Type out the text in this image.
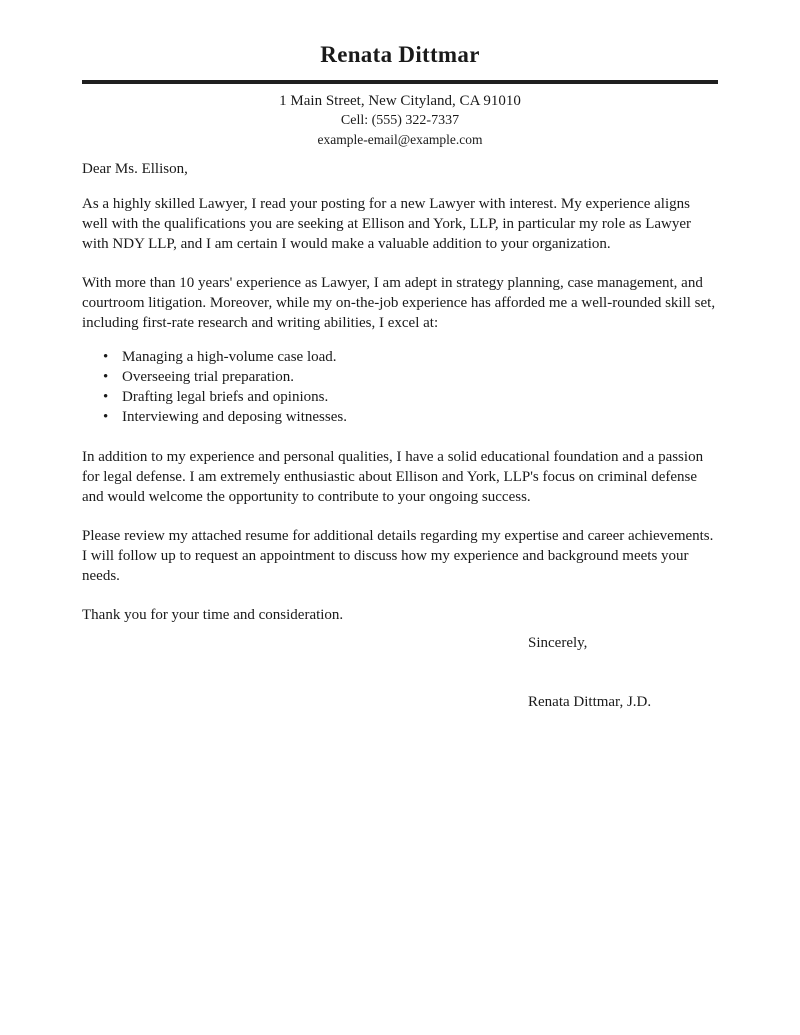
Renata Dittmar
1 Main Street, New Cityland, CA 91010
Cell: (555) 322-7337
example-email@example.com

Dear Ms. Ellison,

As a highly skilled Lawyer, I read your posting for a new Lawyer with interest. My experience aligns well with the qualifications you are seeking at Ellison and York, LLP, in particular my role as Lawyer with NDY LLP, and I am certain I would make a valuable addition to your organization.

With more than 10 years' experience as Lawyer, I am adept in strategy planning, case management, and courtroom litigation. Moreover, while my on-the-job experience has afforded me a well-rounded skill set, including first-rate research and writing abilities, I excel at:

• Managing a high-volume case load.
• Overseeing trial preparation.
• Drafting legal briefs and opinions.
• Interviewing and deposing witnesses.

In addition to my experience and personal qualities, I have a solid educational foundation and a passion for legal defense. I am extremely enthusiastic about Ellison and York, LLP's focus on criminal defense and would welcome the opportunity to contribute to your ongoing success.

Please review my attached resume for additional details regarding my expertise and career achievements. I will follow up to request an appointment to discuss how my experience and background meets your needs.

Thank you for your time and consideration.

Sincerely,

Renata Dittmar, J.D.
